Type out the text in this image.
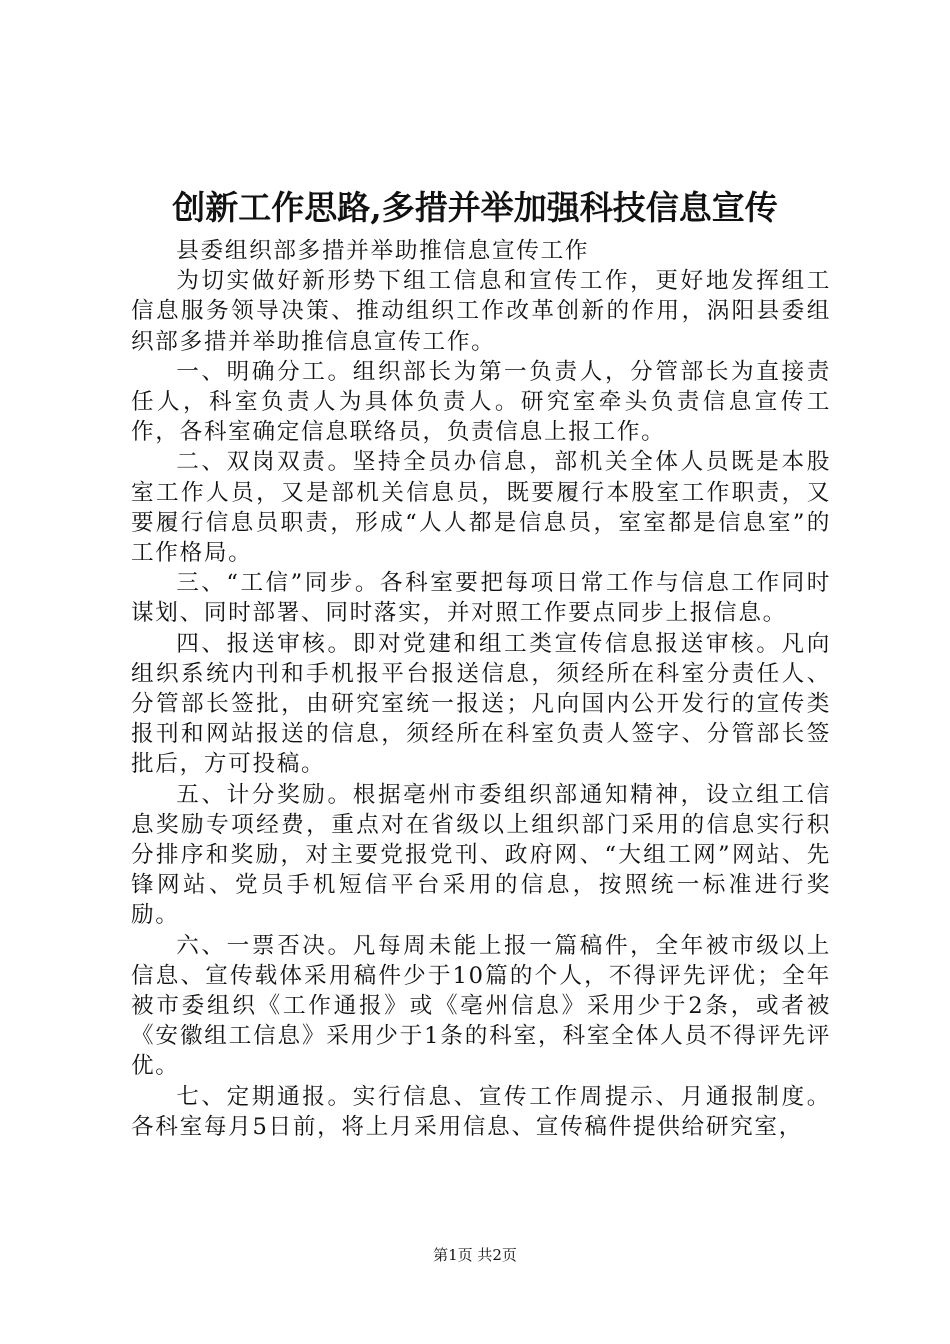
创新工作思路,多措并举加强科技信息宣传

县委组织部多措并举助推信息宣传工作

为切实做好新形势下组工信息和宣传工作，更好地发挥组工信息服务领导决策、推动组织工作改革创新的作用，涡阳县委组织部多措并举助推信息宣传工作。

一、明确分工。组织部长为第一负责人，分管部长为直接责任人，科室负责人为具体负责人。研究室牵头负责信息宣传工作，各科室确定信息联络员，负责信息上报工作。

二、双岗双责。坚持全员办信息，部机关全体人员既是本股室工作人员，又是部机关信息员，既要履行本股室工作职责，又要履行信息员职责，形成“人人都是信息员，室室都是信息室”的工作格局。

三、“工信”同步。各科室要把每项日常工作与信息工作同时谋划、同时部署、同时落实，并对照工作要点同步上报信息。

四、报送审核。即对党建和组工类宣传信息报送审核。凡向组织系统内刊和手机报平台报送信息，须经所在科室分责任人、分管部长签批，由研究室统一报送；凡向国内公开发行的宣传类报刊和网站报送的信息，须经所在科室负责人签字、分管部长签批后，方可投稿。

五、计分奖励。根据亳州市委组织部通知精神，设立组工信息奖励专项经费，重点对在省级以上组织部门采用的信息实行积分排序和奖励，对主要党报党刊、政府网、“大组工网”网站、先锋网站、党员手机短信平台采用的信息，按照统一标准进行奖励。

六、一票否决。凡每周未能上报一篇稿件，全年被市级以上信息、宣传载体采用稿件少于10篇的个人，不得评先评优；全年被市委组织《工作通报》或《亳州信息》采用少于2条，或者被《安徽组工信息》采用少于1条的科室，科室全体人员不得评先评优。

七、定期通报。实行信息、宣传工作周提示、月通报制度。各科室每月5日前，将上月采用信息、宣传稿件提供给研究室，

第1页 共2页
